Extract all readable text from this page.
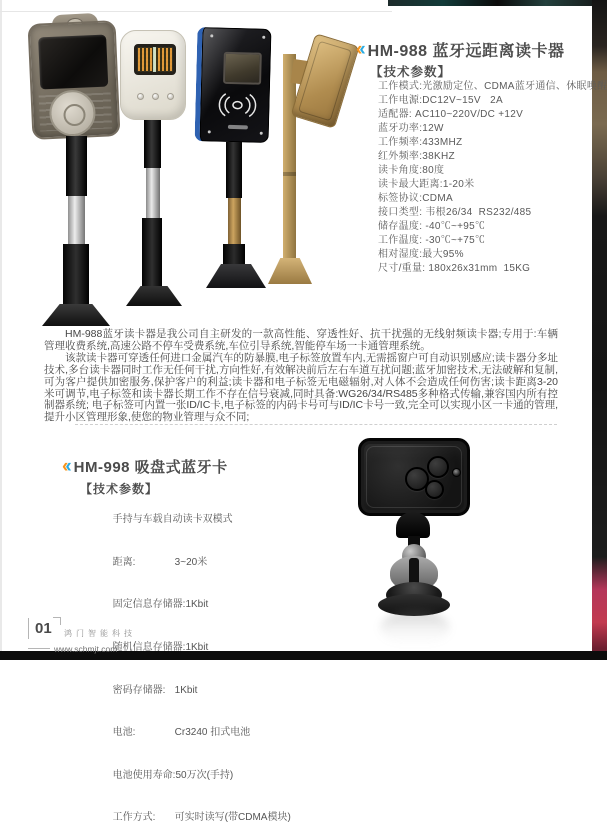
‹ ‹ HM-988 蓝牙远距离读卡器
【技术参数】
工作模式:光激励定位、CDMA蓝牙通信、休眠唤醒
工作电源:DC12V~15V   2A
适配器: AC110~220V/DC +12V
蓝牙功率:12W
工作频率:433MHZ
红外频率:38KHZ
读卡角度:80度
读卡最大距离:1-20米
标签协议:CDMA
接口类型: 韦根26/34  RS232/485
储存温度: -40℃~+95℃
工作温度: -30℃~+75℃
相对湿度:最大95%
尺寸/重量: 180x26x31mm  15KG

HM-988蓝牙读卡器是我公司自主研发的一款高性能、穿透性好、抗干扰强的无线射频读卡器;专用于:车辆管理收费系统,高速公路不停车受费系统,车位引导系统,智能停车场一卡通管理系统。

该款读卡器可穿透任何进口金属汽车的防暴膜,电子标签放置车内,无需摇窗户可自动识别感应;读卡器分多址技术,多台读卡器同时工作无任何干扰,方向性好,有效解决前后左右车道互扰问题;蓝牙加密技术,无法破解和复制,可为客户提供加密服务,保护客户的利益;读卡器和电子标签无电磁辐射,对人体不会造成任何伤害;读卡距离3-20米可调节,电子标签和读卡器长期工作不存在信号衰减,同时具备:WG26/34/RS485多种格式传输,兼容国内所有控制器系统; 电子标签可内置一张ID/IC卡,电子标签的内码卡号可与ID/IC卡号一致,完全可以实现小区一卡通的管理,提升小区管理形象,使您的物业管理与众不同;

‹ ‹ HM-998 吸盘式蓝牙卡
【技术参数】

手持与车载自动读卡双模式

距离:	3~20米

固定信息存储器:1Kbit

随机信息存储器:1Kbit

密码存储器: 1Kbit

电池:	Cr3240 扣式电池

电池使用寿命:50万次(手持)

工作方式: 可实时读写(带CDMA模块)

01	鸿门智能科技
www.schmjt.com
